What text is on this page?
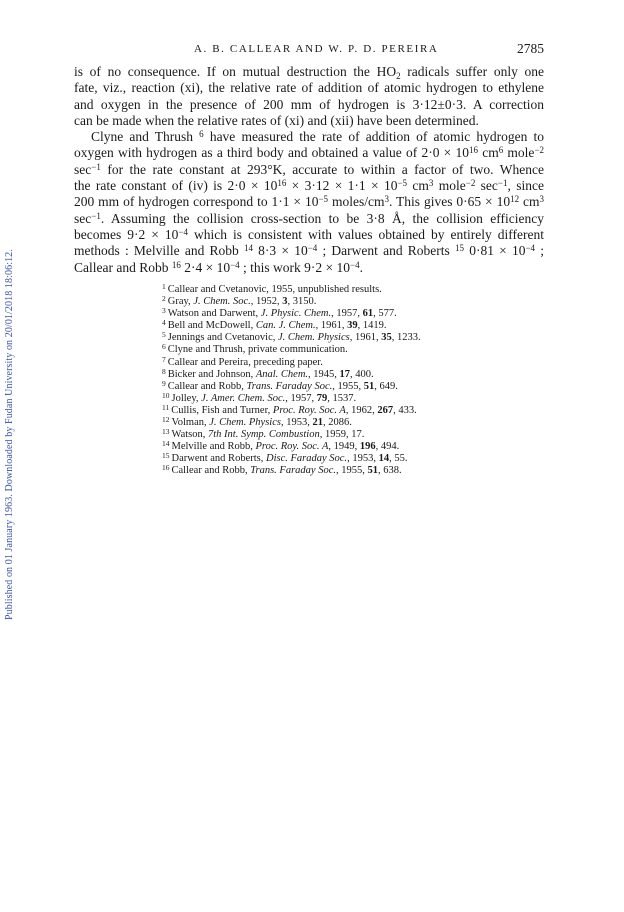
Published on 01 January 1963. Downloaded by Fudan University on 20/01/2018 18:06:12.
A. B. CALLEAR AND W. P. D. PEREIRA	2785
is of no consequence. If on mutual destruction the $HO_2$ radicals suffer only one
fate, viz., reaction (xi), the relative rate of addition of atomic hydrogen to ethylene
and oxygen in the presence of 200 mm of hydrogen is 3·12±0·3. A correction
can be made when the relative rates of (xi) and (xii) have been determined.
Clyne and Thrush $^6$ have measured the rate of addition of atomic hydrogen to
oxygen with hydrogen as a third body and obtained a value of $2\cdot 0 \times 10^{16}$ $cm^6$ mole$^{-2}$
$\sec^{-1}$ for the rate constant at 293°K, accurate to within a factor of two. Whence
the rate constant of (iv) is $2\cdot 0 \times 10^{16} \times 3\cdot 12 \times 1\cdot 1 \times 10^{-5}$ $cm^3$ mole$^{-2}$ $\sec^{-1}$, since
200 mm of hydrogen correspond to $1\cdot 1 \times 10^{-5}$ moles/$cm^3$. This gives $0\cdot 65 \times 10^{12}$ $cm^3$
$\sec^{-1}$. Assuming the collision cross-section to be 3·8 Å, the collision efficiency
becomes $9\cdot 2 \times 10^{-4}$ which is consistent with values obtained by entirely different
methods : Melville and Robb $^{14}$ $8\cdot 3 \times 10^{-4}$ ; Darwent and Roberts $^{15}$ $0\cdot 81 \times 10^{-4}$ ;
Callear and Robb $^{16}$ $2\cdot 4 \times 10^{-4}$ ; this work $9\cdot 2 \times 10^{-4}$.
$^1$ Callear and Cvetanovic, 1955, unpublished results.
$^2$ Gray, J. Chem. Soc., 1952, 3, 3150.
$^3$ Watson and Darwent, J. Physic. Chem., 1957, 61, 577.
$^4$ Bell and McDowell, Can. J. Chem., 1961, 39, 1419.
$^5$ Jennings and Cvetanovic, J. Chem. Physics, 1961, 35, 1233.
$^6$ Clyne and Thrush, private communication.
$^7$ Callear and Pereira, preceding paper.
$^8$ Bicker and Johnson, Anal. Chem., 1945, 17, 400.
$^9$ Callear and Robb, Trans. Faraday Soc., 1955, 51, 649.
$^{10}$ Jolley, J. Amer. Chem. Soc., 1957, 79, 1537.
$^{11}$ Cullis, Fish and Turner, Proc. Roy. Soc. A, 1962, 267, 433.
$^{12}$ Volman, J. Chem. Physics, 1953, 21, 2086.
$^{13}$ Watson, 7th Int. Symp. Combustion, 1959, 17.
$^{14}$ Melville and Robb, Proc. Roy. Soc. A, 1949, 196, 494.
$^{15}$ Darwent and Roberts, Disc. Faraday Soc., 1953, 14, 55.
$^{16}$ Callear and Robb, Trans. Faraday Soc., 1955, 51, 638.
